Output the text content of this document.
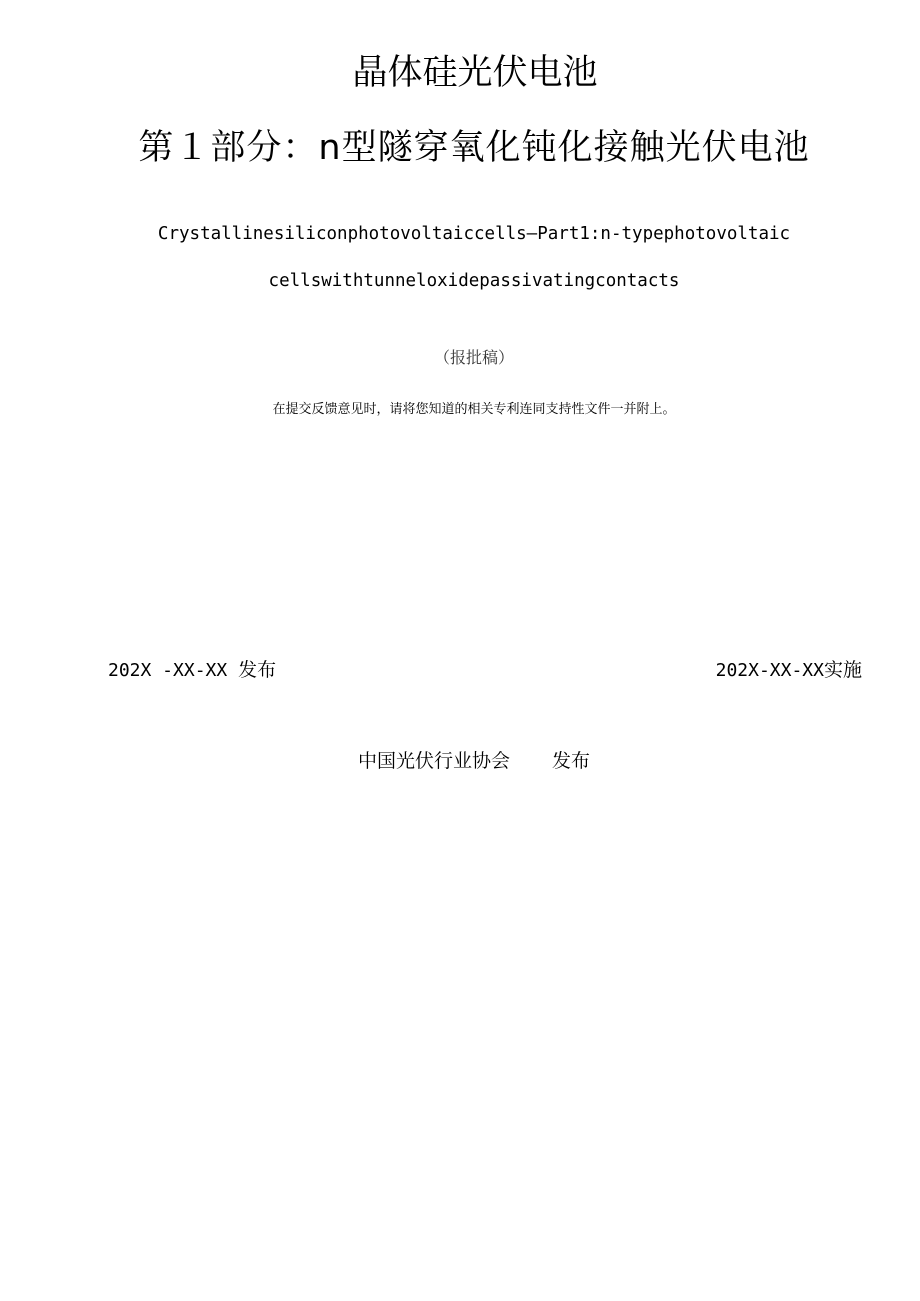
晶体硅光伏电池
第１部分：n型隧穿氧化钝化接触光伏电池
Crystallinesiliconphotovoltaiccells—Part1:n-typephotovoltaic
cellswithtunneloxidepassivatingcontacts
（报批稿）
在提交反馈意见时，请将您知道的相关专利连同支持性文件一并附上。
202X -XX-XX 发布	202X-XX-XX实施
中国光伏行业协会 发布
